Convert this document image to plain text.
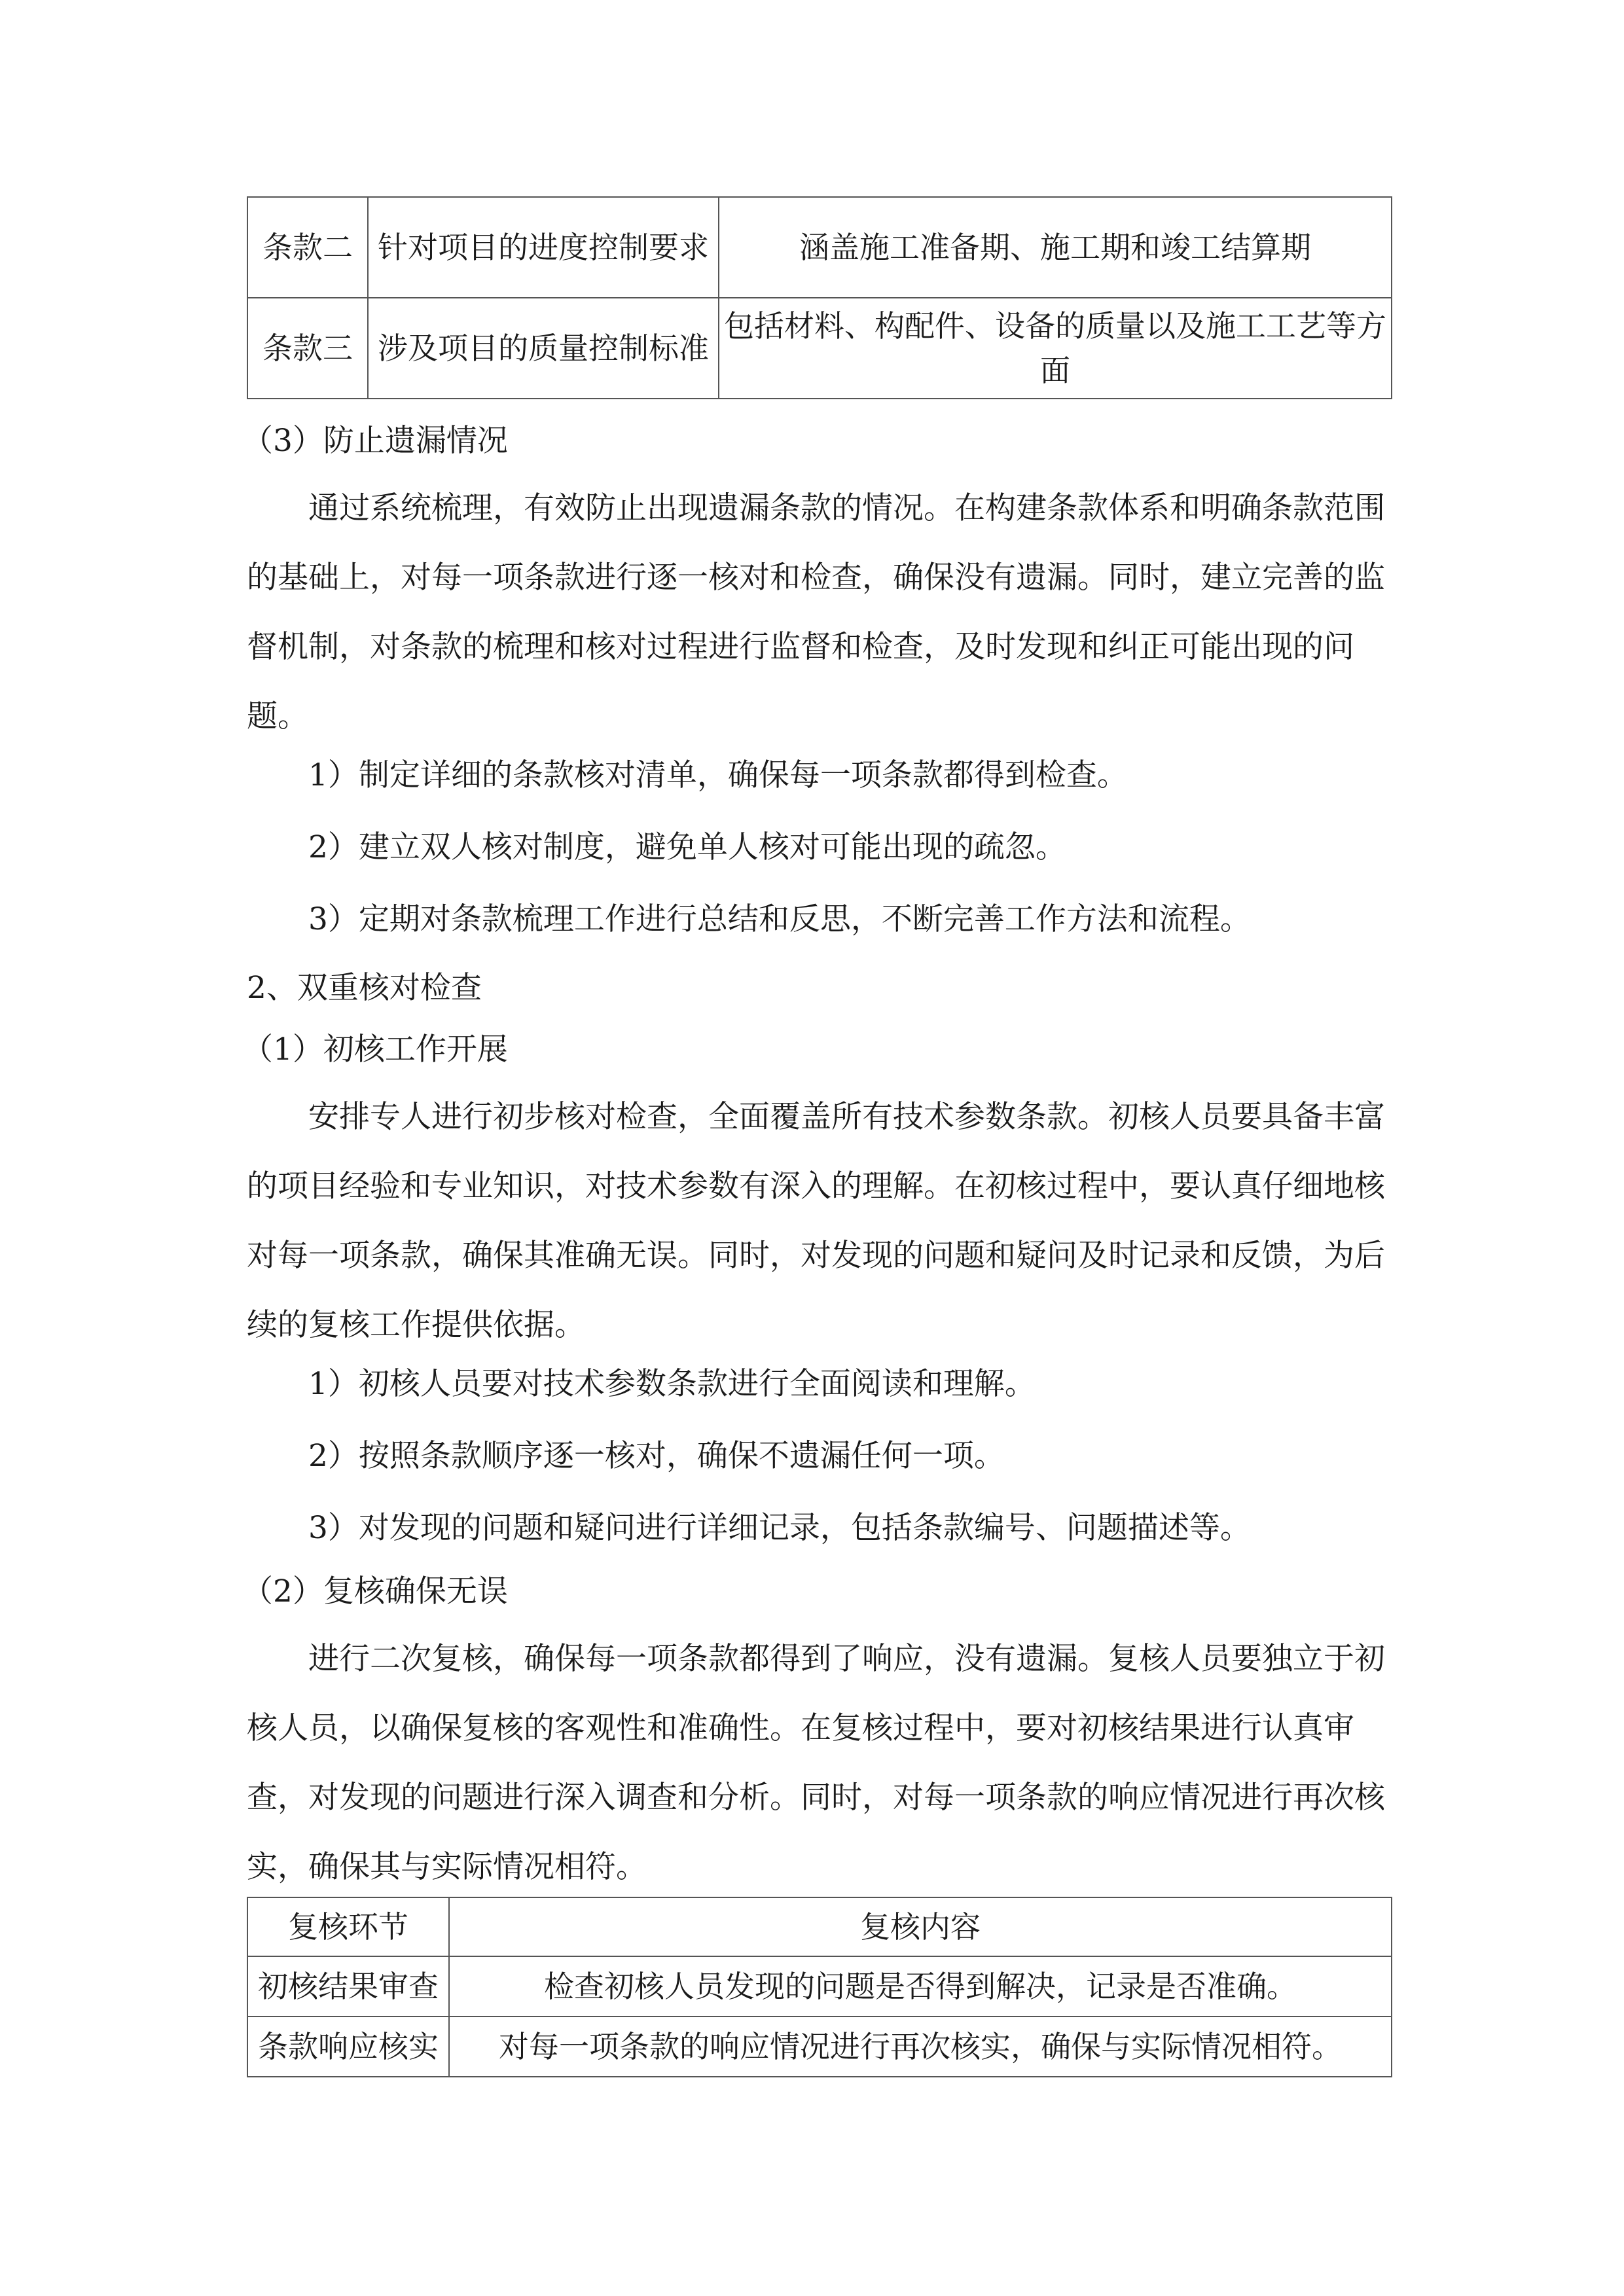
条款二	针对项目的进度控制要求	涵盖施工准备期、施工期和竣工结算期
条款三	涉及项目的质量控制标准	包括材料、构配件、设备的质量以及施工工艺等方面
（3）防止遗漏情况
通过系统梳理，有效防止出现遗漏条款的情况。在构建条款体系和明确条款范围的基础上，对每一项条款进行逐一核对和检查，确保没有遗漏。同时，建立完善的监督机制，对条款的梳理和核对过程进行监督和检查，及时发现和纠正可能出现的问题。
1）制定详细的条款核对清单，确保每一项条款都得到检查。
2）建立双人核对制度，避免单人核对可能出现的疏忽。
3）定期对条款梳理工作进行总结和反思，不断完善工作方法和流程。
2、双重核对检查
（1）初核工作开展
安排专人进行初步核对检查，全面覆盖所有技术参数条款。初核人员要具备丰富的项目经验和专业知识，对技术参数有深入的理解。在初核过程中，要认真仔细地核对每一项条款，确保其准确无误。同时，对发现的问题和疑问及时记录和反馈，为后续的复核工作提供依据。
1）初核人员要对技术参数条款进行全面阅读和理解。
2）按照条款顺序逐一核对，确保不遗漏任何一项。
3）对发现的问题和疑问进行详细记录，包括条款编号、问题描述等。
（2）复核确保无误
进行二次复核，确保每一项条款都得到了响应，没有遗漏。复核人员要独立于初核人员，以确保复核的客观性和准确性。在复核过程中，要对初核结果进行认真审查，对发现的问题进行深入调查和分析。同时，对每一项条款的响应情况进行再次核实，确保其与实际情况相符。
复核环节	复核内容
初核结果审查	检查初核人员发现的问题是否得到解决，记录是否准确。
条款响应核实	对每一项条款的响应情况进行再次核实，确保与实际情况相符。
